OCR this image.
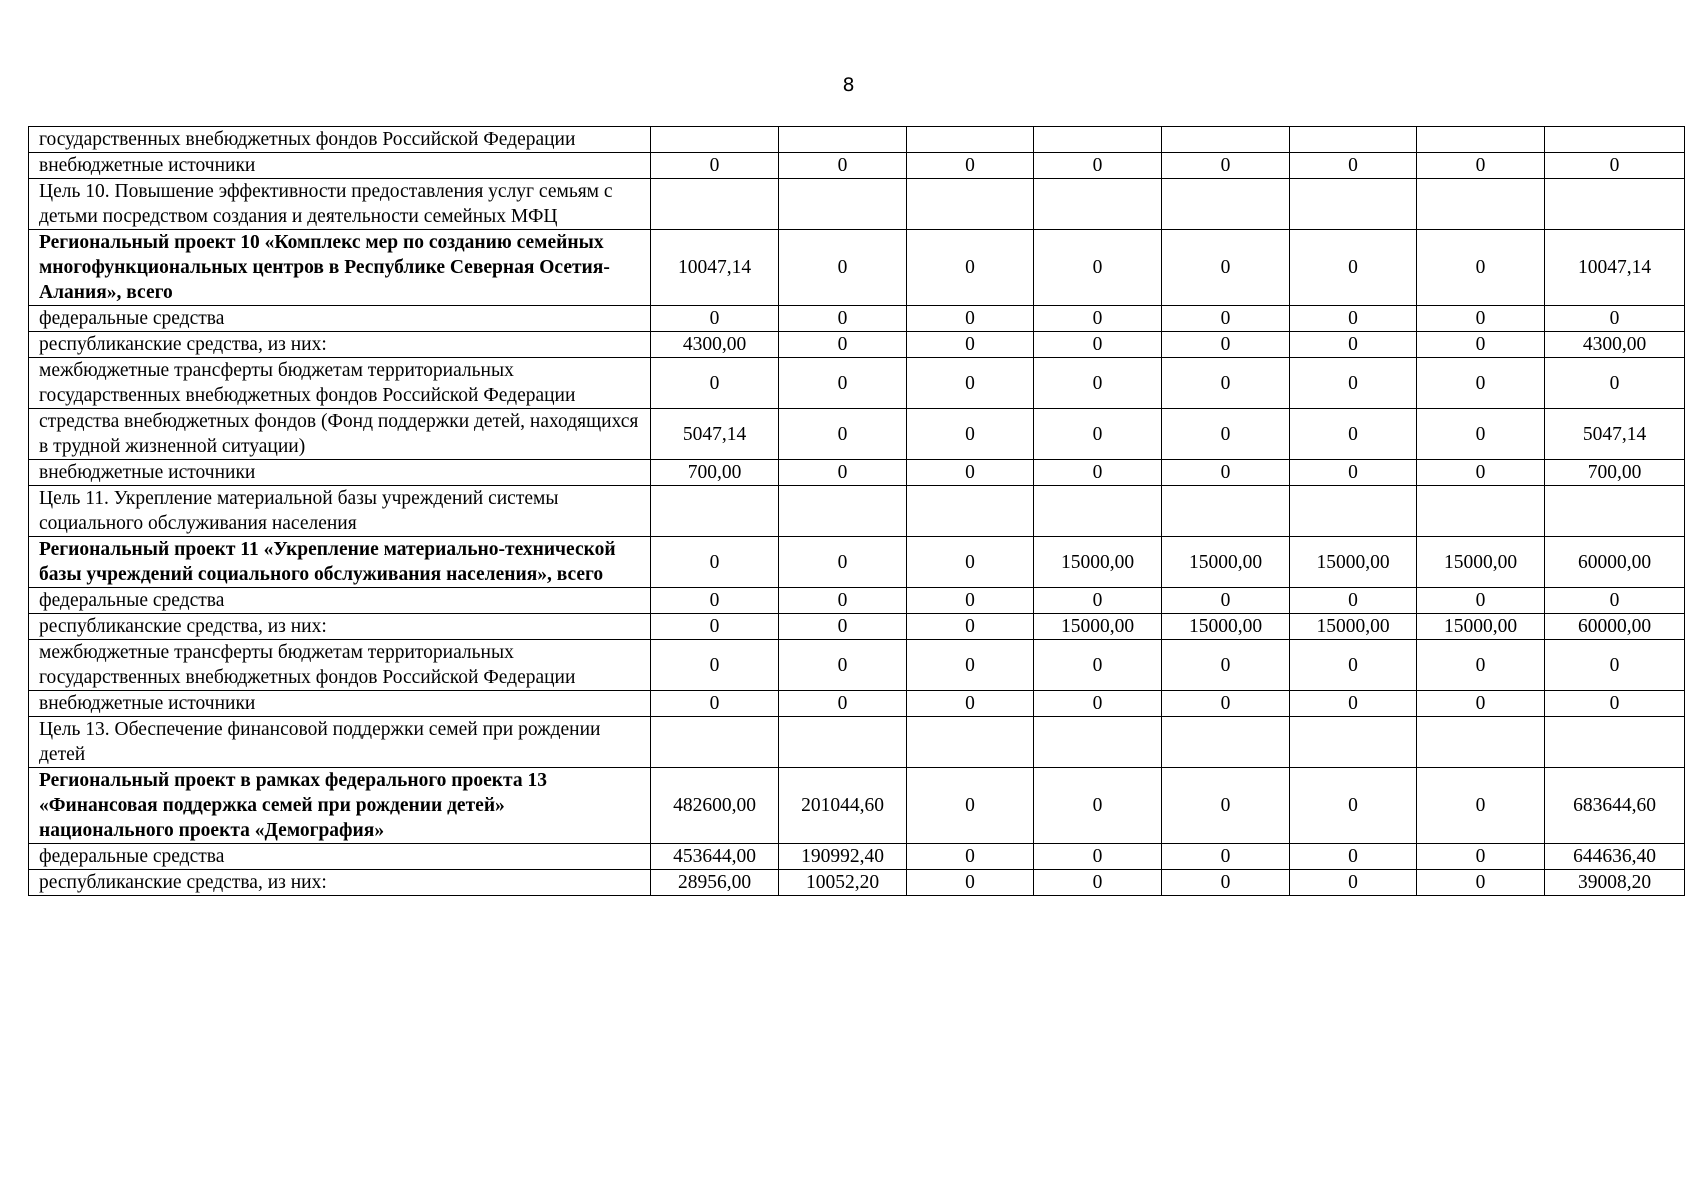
8
государственных внебюджетных фондов Российской Федерации								
внебюджетные источники	0	0	0	0	0	0	0	0
Цель 10. Повышение эффективности предоставления услуг семьям с детьми посредством создания и деятельности семейных МФЦ								
Региональный проект 10 «Комплекс мер по созданию семейных многофункциональных центров в Республике Северная Осетия-Алания», всего	10047,14	0	0	0	0	0	0	10047,14
федеральные средства	0	0	0	0	0	0	0	0
республиканские средства, из них:	4300,00	0	0	0	0	0	0	4300,00
межбюджетные трансферты бюджетам территориальных государственных внебюджетных фондов Российской Федерации	0	0	0	0	0	0	0	0
стредства внебюджетных фондов (Фонд поддержки детей, находящихся в трудной жизненной ситуации)	5047,14	0	0	0	0	0	0	5047,14
внебюджетные источники	700,00	0	0	0	0	0	0	700,00
Цель 11. Укрепление материальной базы учреждений системы социального обслуживания населения								
Региональный проект 11 «Укрепление материально-технической базы учреждений социального обслуживания населения», всего	0	0	0	15000,00	15000,00	15000,00	15000,00	60000,00
федеральные средства	0	0	0	0	0	0	0	0
республиканские средства, из них:	0	0	0	15000,00	15000,00	15000,00	15000,00	60000,00
межбюджетные трансферты бюджетам территориальных государственных внебюджетных фондов Российской Федерации	0	0	0	0	0	0	0	0
внебюджетные источники	0	0	0	0	0	0	0	0
Цель 13. Обеспечение финансовой поддержки семей при рождении детей								
Региональный проект в рамках федерального проекта 13 «Финансовая поддержка семей при рождении детей» национального проекта «Демография»	482600,00	201044,60	0	0	0	0	0	683644,60
федеральные средства	453644,00	190992,40	0	0	0	0	0	644636,40
республиканские средства, из них:	28956,00	10052,20	0	0	0	0	0	39008,20
